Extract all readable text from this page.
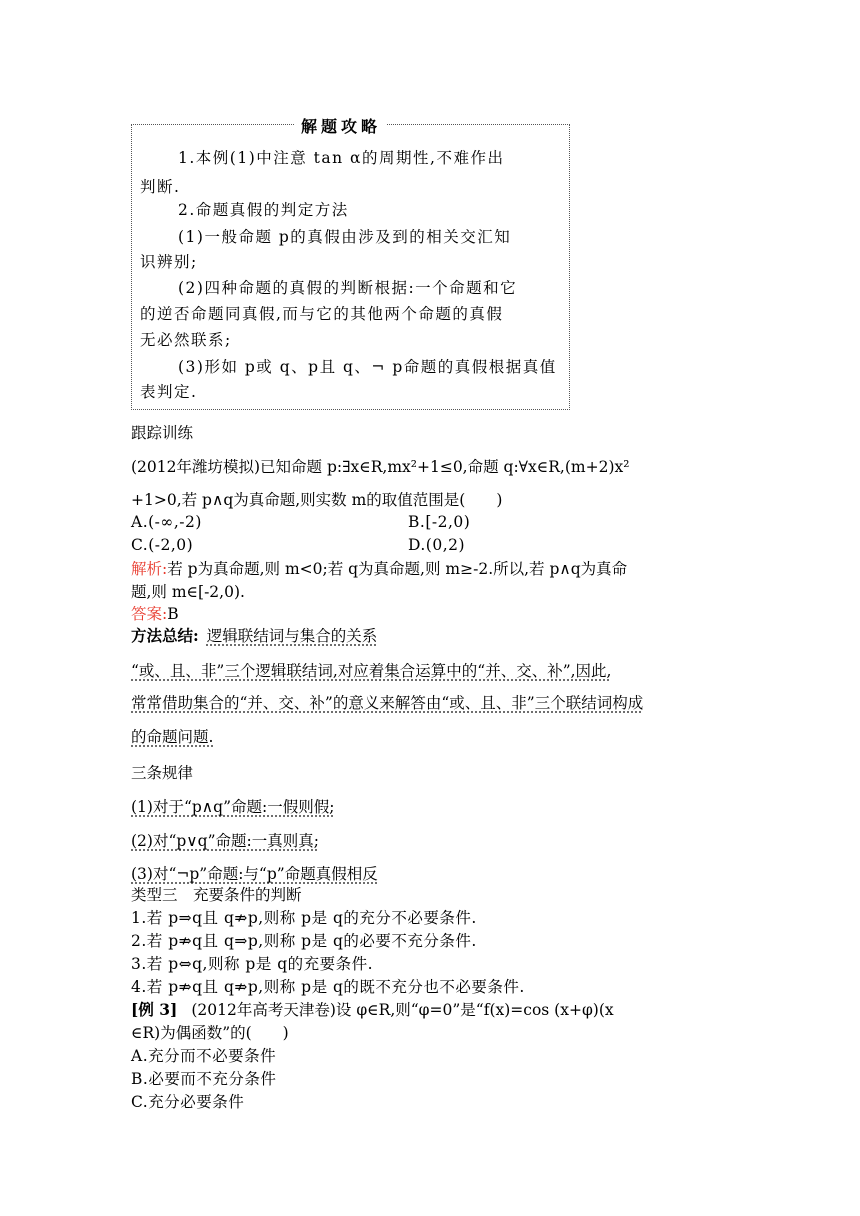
解题攻略
1.本例(1)中注意 tan α的周期性,不难作出
判断.
2.命题真假的判定方法
(1)一般命题 p的真假由涉及到的相关交汇知
识辨别;
(2)四种命题的真假的判断根据:一个命题和它
的逆否命题同真假,而与它的其他两个命题的真假
无必然联系;
(3)形如 p或 q、p且 q、¬ p命题的真假根据真值
表判定.
跟踪训练
(2012年潍坊模拟)已知命题 p:∃x∈R,mx²+1≤0,命题 q:∀x∈R,(m+2)x²
+1>0,若 p∧q为真命题,则实数 m的取值范围是(　　)
A.(-∞,-2)	B.[-2,0)
C.(-2,0)	D.(0,2)
解析:若 p为真命题,则 m<0;若 q为真命题,则 m≥-2.所以,若 p∧q为真命
题,则 m∈[-2,0).
答案:B
方法总结: 逻辑联结词与集合的关系
“或、且、非”三个逻辑联结词,对应着集合运算中的“并、交、补”,因此,
常常借助集合的“并、交、补”的意义来解答由“或、且、非”三个联结词构成
的命题问题.
三条规律
(1)对于“p∧q”命题:一假则假;
(2)对“p∨q”命题:一真则真;
(3)对“¬p”命题:与“p”命题真假相反
类型三　充要条件的判断
1.若 p⇒q且 q⇏p,则称 p是 q的充分不必要条件.
2.若 p⇏q且 q⇒p,则称 p是 q的必要不充分条件.
3.若 p⇔q,则称 p是 q的充要条件.
4.若 p⇏q且 q⇏p,则称 p是 q的既不充分也不必要条件.
[例 3] (2012年高考天津卷)设 φ∈R,则“φ=0”是“f(x)=cos (x+φ)(x
∈R)为偶函数”的(　　)
A.充分而不必要条件
B.必要而不充分条件
C.充分必要条件
